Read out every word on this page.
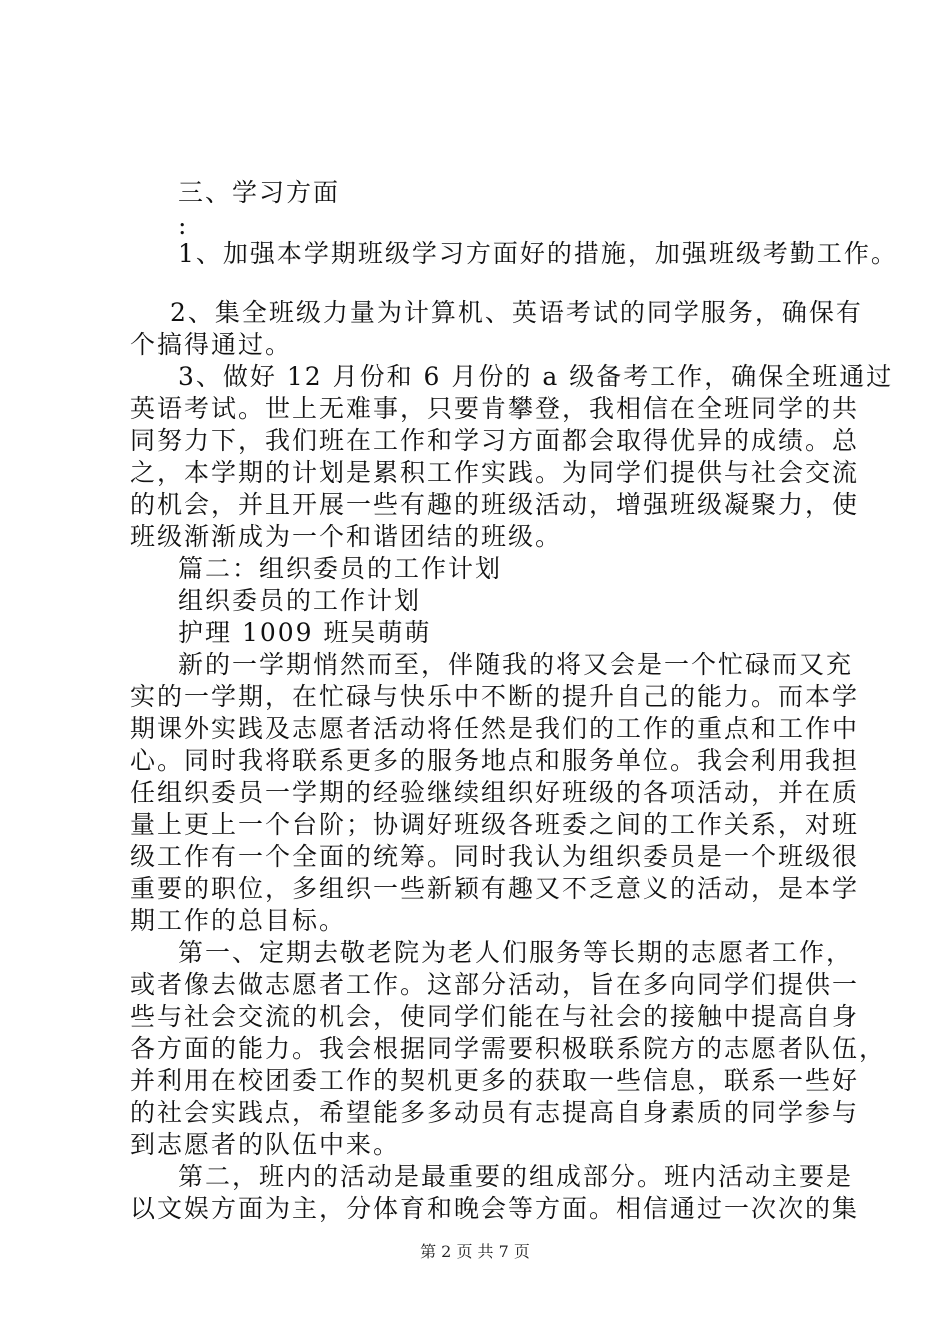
三、学习方面
:
1、加强本学期班级学习方面好的措施，加强班级考勤工作。
2、集全班级力量为计算机、英语考试的同学服务，确保有
个搞得通过。
3、做好 12 月份和 6 月份的 a 级备考工作，确保全班通过
英语考试。世上无难事，只要肯攀登，我相信在全班同学的共
同努力下，我们班在工作和学习方面都会取得优异的成绩。总
之，本学期的计划是累积工作实践。为同学们提供与社会交流
的机会，并且开展一些有趣的班级活动，增强班级凝聚力，使
班级渐渐成为一个和谐团结的班级。
篇二：组织委员的工作计划
组织委员的工作计划
护理 1009 班吴萌萌
新的一学期悄然而至，伴随我的将又会是一个忙碌而又充
实的一学期，在忙碌与快乐中不断的提升自己的能力。而本学
期课外实践及志愿者活动将任然是我们的工作的重点和工作中
心。同时我将联系更多的服务地点和服务单位。我会利用我担
任组织委员一学期的经验继续组织好班级的各项活动，并在质
量上更上一个台阶；协调好班级各班委之间的工作关系，对班
级工作有一个全面的统筹。同时我认为组织委员是一个班级很
重要的职位，多组织一些新颖有趣又不乏意义的活动，是本学
期工作的总目标。
第一、定期去敬老院为老人们服务等长期的志愿者工作，
或者像去做志愿者工作。这部分活动，旨在多向同学们提供一
些与社会交流的机会，使同学们能在与社会的接触中提高自身
各方面的能力。我会根据同学需要积极联系院方的志愿者队伍，
并利用在校团委工作的契机更多的获取一些信息，联系一些好
的社会实践点，希望能多多动员有志提高自身素质的同学参与
到志愿者的队伍中来。
第二，班内的活动是最重要的组成部分。班内活动主要是
以文娱方面为主，分体育和晚会等方面。相信通过一次次的集
第 2 页 共 7 页
